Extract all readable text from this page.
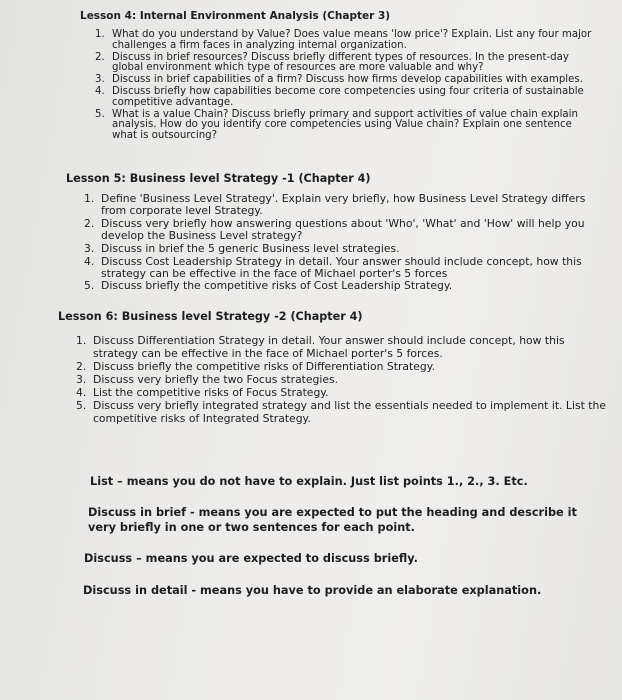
Lesson 4: Internal Environment Analysis (Chapter 3)
1. What do you understand by Value? Does value means 'low price'? Explain. List any four major challenges a firm faces in analyzing internal organization.
2. Discuss in brief resources? Discuss briefly different types of resources. In the present-day global environment which type of resources are more valuable and why?
3. Discuss in brief capabilities of a firm? Discuss how firms develop capabilities with examples.
4. Discuss briefly how capabilities become core competencies using four criteria of sustainable competitive advantage.
5. What is a value Chain? Discuss briefly primary and support activities of value chain explain analysis. How do you identify core competencies using Value chain? Explain one sentence what is outsourcing?
Lesson 5: Business level Strategy -1 (Chapter 4)
1. Define 'Business Level Strategy'. Explain very briefly, how Business Level Strategy differs from corporate level Strategy.
2. Discuss very briefly how answering questions about 'Who', 'What' and 'How' will help you develop the Business Level strategy?
3. Discuss in brief the 5 generic Business level strategies.
4. Discuss Cost Leadership Strategy in detail. Your answer should include concept, how this strategy can be effective in the face of Michael porter's 5 forces
5. Discuss briefly the competitive risks of Cost Leadership Strategy.
Lesson 6: Business level Strategy -2 (Chapter 4)
1. Discuss Differentiation Strategy in detail. Your answer should include concept, how this strategy can be effective in the face of Michael porter's 5 forces.
2. Discuss briefly the competitive risks of Differentiation Strategy.
3. Discuss very briefly the two Focus strategies.
4. List the competitive risks of Focus Strategy.
5. Discuss very briefly integrated strategy and list the essentials needed to implement it. List the competitive risks of Integrated Strategy.
List – means you do not have to explain. Just list points 1., 2., 3. Etc.
Discuss in brief - means you are expected to put the heading and describe it very briefly in one or two sentences for each point.
Discuss – means you are expected to discuss briefly.
Discuss in detail - means you have to provide an elaborate explanation.
